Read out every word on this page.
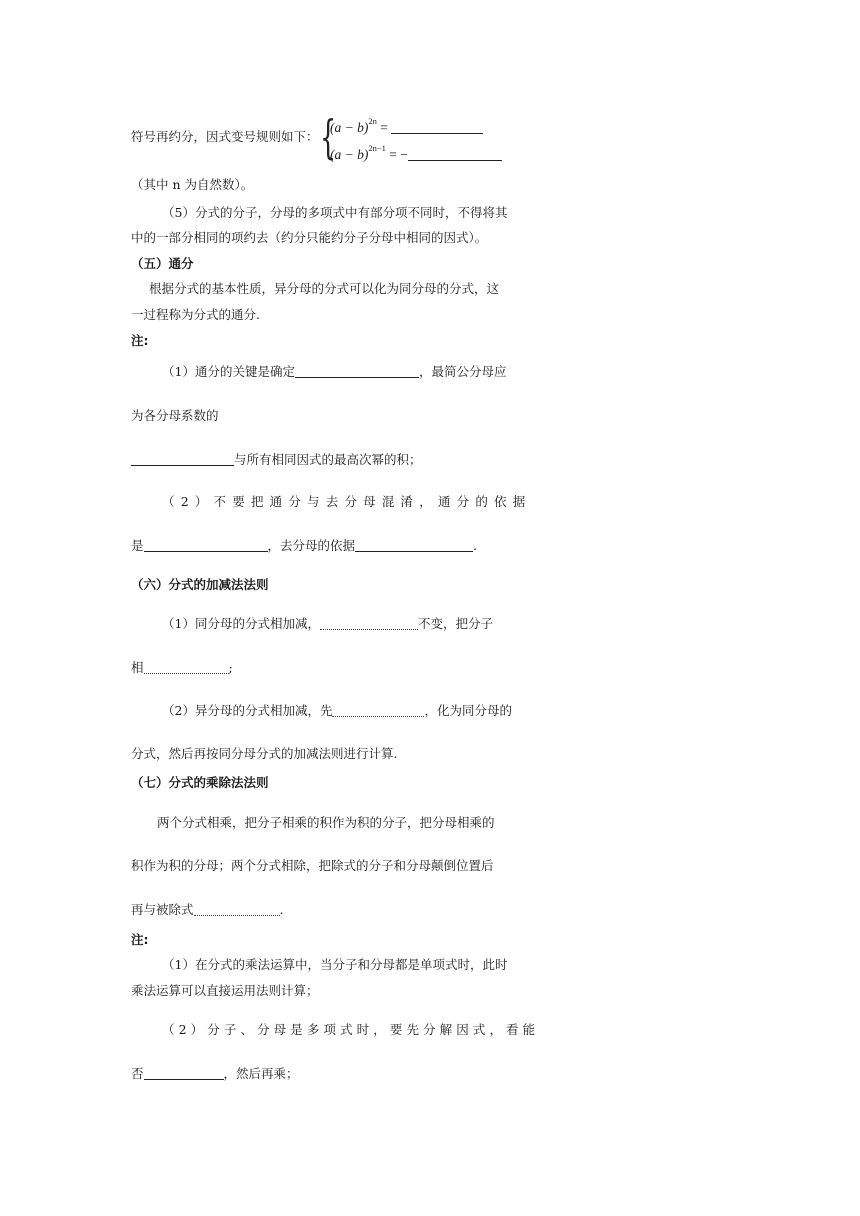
符号再约分，因式变号规则如下： {
$(a - b)^{2n}$ =
$(a - b)^{2n-1}$ = −
（其中 n 为自然数）。
（5）分式的分子，分母的多项式中有部分项不同时，不得将其
中的一部分相同的项约去（约分只能约分子分母中相同的因式）。
（五）通分
根据分式的基本性质，异分母的分式可以化为同分母的分式，这
一过程称为分式的通分.
注:
（1）通分的关键是确定	，最简公分母应
为各分母系数的
与所有相同因式的最高次幂的积；
（2）不要把通分与去分母混淆，通分的依据
是	，去分母的依据	.
（六）分式的加减法法则
（1）同分母的分式相加减，	不变，把分子
相	;
（2）异分母的分式相加减，先	，化为同分母的
分式，然后再按同分母分式的加减法则进行计算.
（七）分式的乘除法法则
两个分式相乘，把分子相乘的积作为积的分子，把分母相乘的
积作为积的分母；两个分式相除，把除式的分子和分母颠倒位置后
再与被除式	.
注:
（1）在分式的乘法运算中，当分子和分母都是单项式时，此时
乘法运算可以直接运用法则计算；
（2）分子、分母是多项式时，要先分解因式，看能
否	，然后再乘；
